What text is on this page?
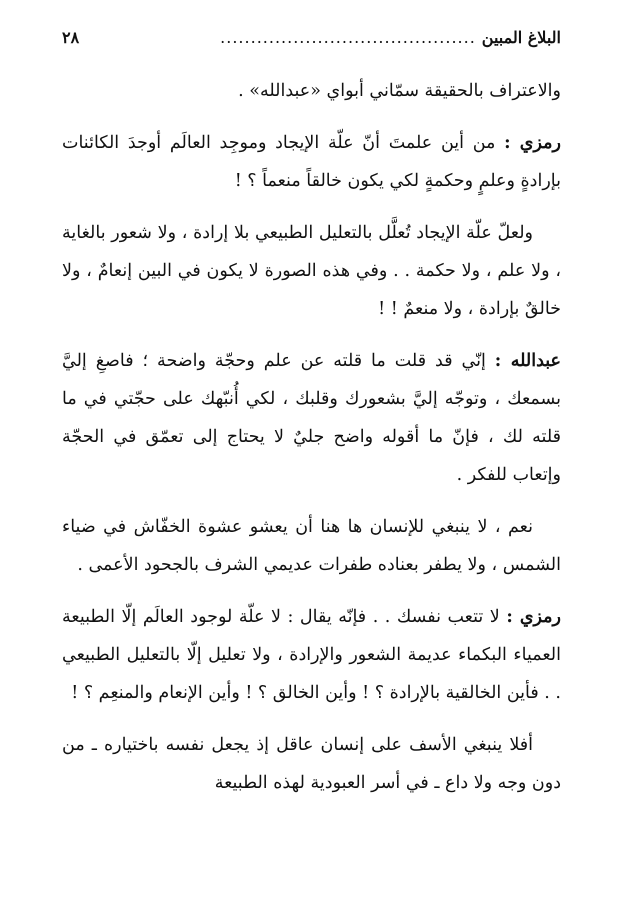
البلاغ المبين
..........................................
٢٨

والاعتراف بالحقيقة سمّاني أبواي «عبدالله» .

رمزي : من أين علمتَ أنّ علّة الإيجاد وموجِد العالَم أوجدَ الكائنات بإرادةٍ وعلمٍ وحكمةٍ لكي يكون خالقاً منعماً ؟ !

ولعلّ علّة الإيجاد تُعلَّل بالتعليل الطبيعي بلا إرادة ، ولا شعور بالغاية ، ولا علم ، ولا حكمة . . وفي هذه الصورة لا يكون في البين إنعامٌ ، ولا خالقٌ بإرادة ، ولا منعمٌ ! !

عبدالله : إنّي قد قلت ما قلته عن علم وحجّة واضحة ؛ فاصغِ إليَّ بسمعك ، وتوجّه إليَّ بشعورك وقلبك ، لكي أُنبّهك على حجّتي في ما قلته لك ، فإنّ ما أقوله واضح جليٌ لا يحتاج إلى تعمّق في الحجّة وإتعاب للفكر .

نعم ، لا ينبغي للإنسان ها هنا أن يعشو عشوة الخفّاش في ضياء الشمس ، ولا يطفر بعناده طفرات عديمي الشرف بالجحود الأعمى .

رمزي : لا تتعب نفسك . . فإنّه يقال : لا علّة لوجود العالَم إلّا الطبيعة العمياء البكماء عديمة الشعور والإرادة ، ولا تعليل إلّا بالتعليل الطبيعي . . فأين الخالقية بالإرادة ؟ ! وأين الخالق ؟ ! وأين الإنعام والمنعِم ؟ !

أفلا ينبغي الأسف على إنسان عاقل إذ يجعل نفسه باختياره ـ من دون وجه ولا داع ـ في أسر العبودية لهذه الطبيعة
